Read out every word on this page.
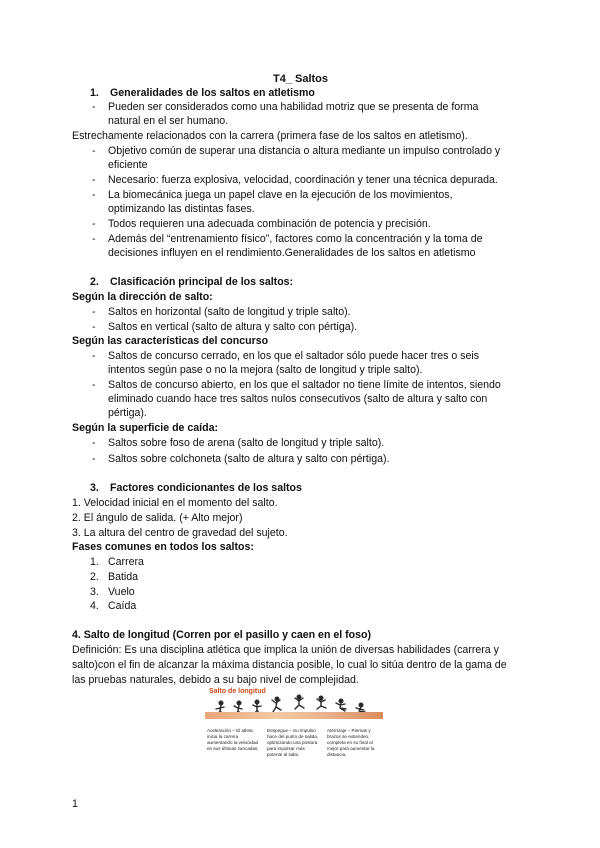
T4_ Saltos
1. Generalidades de los saltos en atletismo
- Pueden ser considerados como una habilidad motriz que se presenta de forma
natural en el ser humano.
Estrechamente relacionados con la carrera (primera fase de los saltos en atletismo).
- Objetivo común de superar una distancia o altura mediante un impulso controlado y
eficiente
- Necesario: fuerza explosiva, velocidad, coordinación y tener una técnica depurada.
- La biomecánica juega un papel clave en la ejecución de los movimientos,
optimizando las distintas fases.
- Todos requieren una adecuada combinación de potencia y precisión.
- Además del “entrenamiento físico”, factores como la concentración y la toma de
decisiones influyen en el rendimiento.Generalidades de los saltos en atletismo
2. Clasificación principal de los saltos:
Según la dirección de salto:
- Saltos en horizontal (salto de longitud y triple salto).
- Saltos en vertical (salto de altura y salto con pértiga).
Según las características del concurso
- Saltos de concurso cerrado, en los que el saltador sólo puede hacer tres o seis
intentos según pase o no la mejora (salto de longitud y triple salto).
- Saltos de concurso abierto, en los que el saltador no tiene límite de intentos, siendo
eliminado cuando hace tres saltos nulos consecutivos (salto de altura y salto con
pértiga).
Según la superficie de caída:
- Saltos sobre foso de arena (salto de longitud y triple salto).
- Saltos sobre colchoneta (salto de altura y salto con pértiga).
3. Factores condicionantes de los saltos
1. Velocidad inicial en el momento del salto.
2. El ángulo de salida. (+ Alto mejor)
3. La altura del centro de gravedad del sujeto.
Fases comunes en todos los saltos:
1. Carrera
2. Batida
3. Vuelo
4. Caída
4. Salto de longitud (Corren por el pasillo y caen en el foso)
Definición: Es una disciplina atlética que implica la unión de diversas habilidades (carrera y
salto)con el fin de alcanzar la máxima distancia posible, lo cual lo sitúa dentro de la gama de
las pruebas naturales, debido a su bajo nivel de complejidad.
Salto de longitud
Aceleración – El atleta inicia la carrera aumentando la velocidad en sus últimas zancadas.
Despegue – Su impulso hace del punto de salida, optimizando una postura para impulsar más potente al salto.
Aterrizaje – Piernas y brazos se extienden, completa en su final al mejor para aumentar la distancia.
1
